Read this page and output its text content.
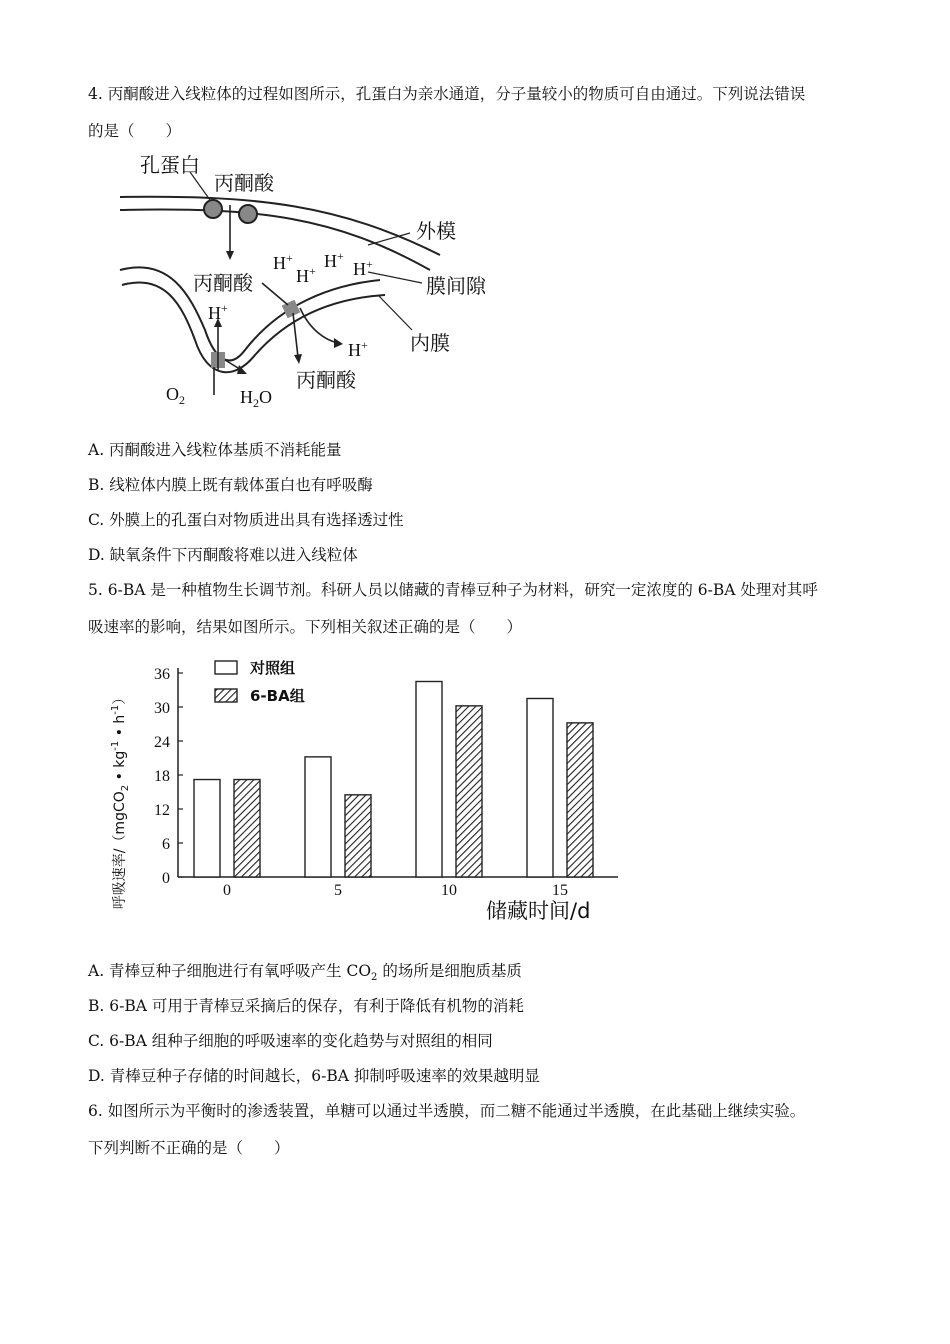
4. 丙酮酸进入线粒体的过程如图所示，孔蛋白为亲水通道，分子量较小的物质可自由通过。下列说法错误
的是（　　）
孔蛋白
丙酮酸
外模
膜间隙
丙酮酸
内膜
丙酮酸
H+
H+ H+
H+
H+
H+
$O_2$	$H_2O$
A. 丙酮酸进入线粒体基质不消耗能量
B. 线粒体内膜上既有载体蛋白也有呼吸酶
C. 外膜上的孔蛋白对物质进出具有选择透过性
D. 缺氧条件下丙酮酸将难以进入线粒体
5. 6-BA 是一种植物生长调节剂。科研人员以储藏的青棒豆种子为材料，研究一定浓度的 6-BA 处理对其呼
吸速率的影响，结果如图所示。下列相关叙述正确的是（　　）
呼吸速率/（mgCO$_2$ • $kg^{-1}$ • $h^{-1}$）
对照组
6-BA组
0
6
12
18
24
30
36
0	5	10	15
储藏时间/d
A. 青棒豆种子细胞进行有氧呼吸产生 $CO_2$ 的场所是细胞质基质
B. 6-BA 可用于青棒豆采摘后的保存，有利于降低有机物的消耗
C. 6-BA 组种子细胞的呼吸速率的变化趋势与对照组的相同
D. 青棒豆种子存储的时间越长，6-BA 抑制呼吸速率的效果越明显
6. 如图所示为平衡时的渗透装置，单糖可以通过半透膜，而二糖不能通过半透膜，在此基础上继续实验。
下列判断不正确的是（　　）
